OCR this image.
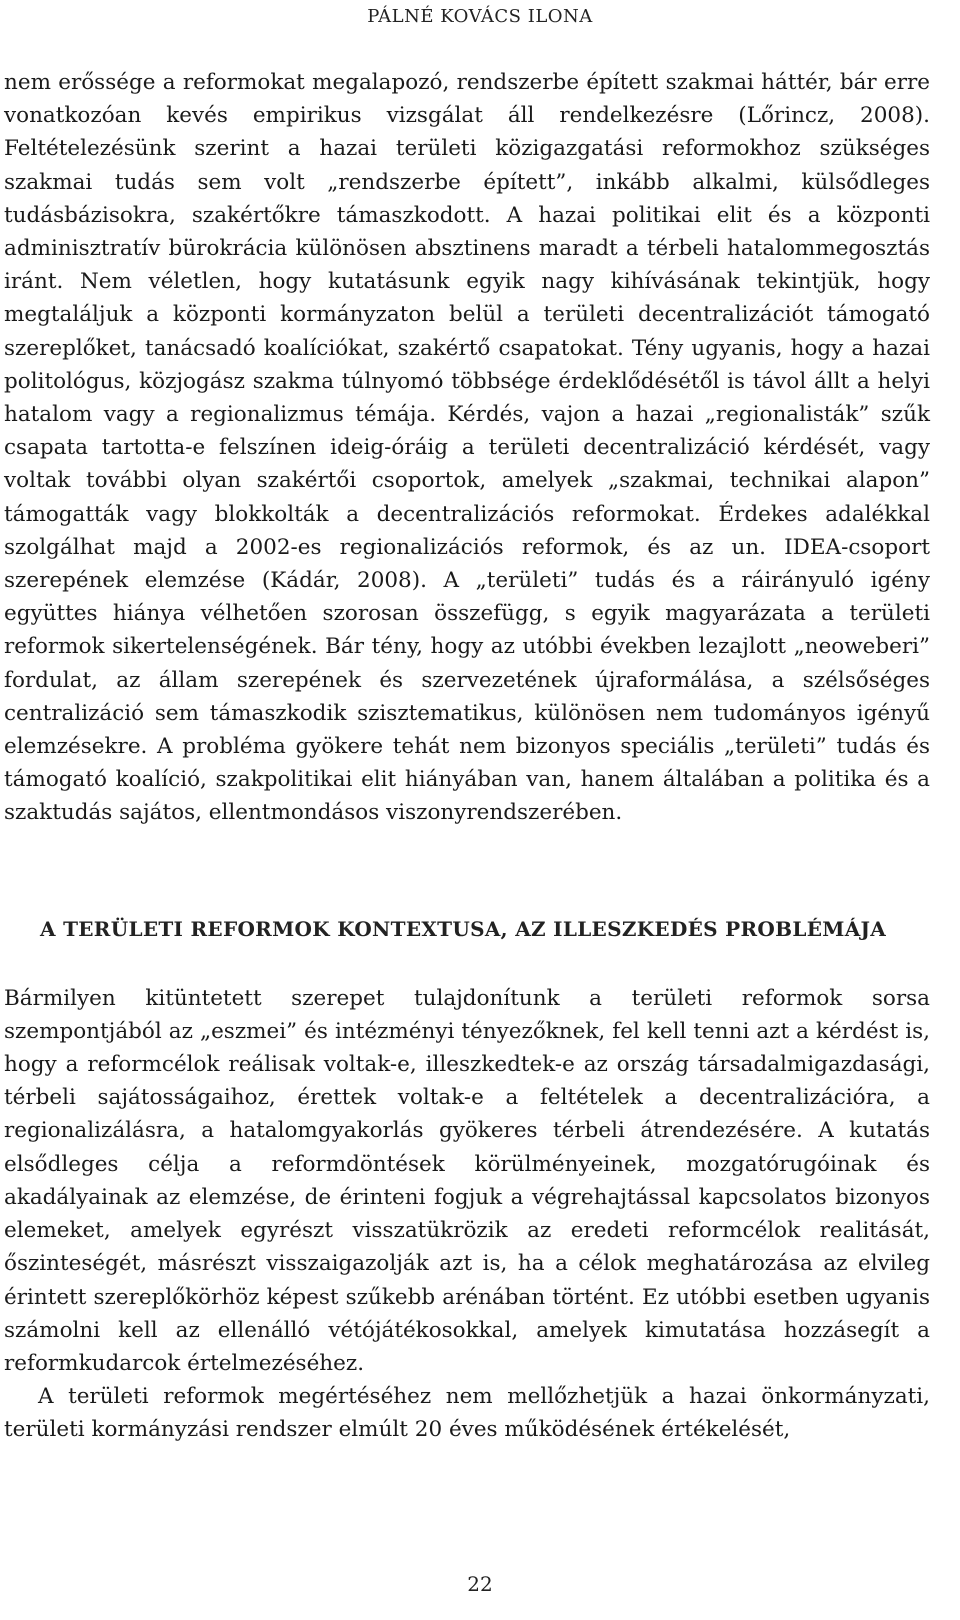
PÁLNÉ KOVÁCS ILONA

nem erőssége a reformokat megalapozó, rendszerbe épített szakmai háttér, bár erre vonatkozóan kevés empirikus vizsgálat áll rendelkezésre (Lőrincz, 2008). Feltételezésünk szerint a hazai területi közigazgatási reformokhoz szükséges szakmai tudás sem volt „rendszerbe épített”, inkább alkalmi, külsődleges tudásbázisokra, szakértőkre támaszkodott. A hazai politikai elit és a központi adminisztratív bürokrácia különösen absztinens maradt a térbeli hatalommegosztás iránt. Nem véletlen, hogy kutatásunk egyik nagy kihívásának tekintjük, hogy megtaláljuk a központi kormányzaton belül a területi decentralizációt támogató szereplőket, tanácsadó koalíciókat, szakértő csapatokat. Tény ugyanis, hogy a hazai politológus, közjogász szakma túlnyomó többsége érdeklődésétől is távol állt a helyi hatalom vagy a regionalizmus témája. Kérdés, vajon a hazai „regionalisták” szűk csapata tartotta-e felszínen ideig-óráig a területi decentralizáció kérdését, vagy voltak további olyan szakértői csoportok, amelyek „szakmai, technikai alapon” támogatták vagy blokkolták a decentralizációs reformokat. Érdekes adalékkal szolgálhat majd a 2002-es regionalizációs reformok, és az un. IDEA-csoport szerepének elemzése (Kádár, 2008). A „területi” tudás és a ráirányuló igény együttes hiánya vélhetően szorosan összefügg, s egyik magyarázata a területi reformok sikertelenségének. Bár tény, hogy az utóbbi években lezajlott „neoweberi” fordulat, az állam szerepének és szervezetének újraformálása, a szélsőséges centralizáció sem támaszkodik szisztematikus, különösen nem tudományos igényű elemzésekre. A probléma gyökere tehát nem bizonyos speciális „területi” tudás és támogató koalíció, szakpolitikai elit hiányában van, hanem általában a politika és a szaktudás sajátos, ellentmondásos viszonyrendszerében.

A TERÜLETI REFORMOK KONTEXTUSA, AZ ILLESZKEDÉS PROBLÉMÁJA

Bármilyen kitüntetett szerepet tulajdonítunk a területi reformok sorsa szempontjából az „eszmei” és intézményi tényezőknek, fel kell tenni azt a kérdést is, hogy a reformcélok reálisak voltak-e, illeszkedtek-e az ország társadalmigazdasági, térbeli sajátosságaihoz, érettek voltak-e a feltételek a decentralizációra, a regionalizálásra, a hatalomgyakorlás gyökeres térbeli átrendezésére. A kutatás elsődleges célja a reformdöntések körülményeinek, mozgatórugóinak és akadályainak az elemzése, de érinteni fogjuk a végrehajtással kapcsolatos bizonyos elemeket, amelyek egyrészt visszatükrözik az eredeti reformcélok realitását, őszinteségét, másrészt visszaigazolják azt is, ha a célok meghatározása az elvileg érintett szereplőkörhöz képest szűkebb arénában történt. Ez utóbbi esetben ugyanis számolni kell az ellenálló vétójátékosokkal, amelyek kimutatása hozzásegít a reformkudarcok értelmezéséhez.

A területi reformok megértéséhez nem mellőzhetjük a hazai önkormányzati, területi kormányzási rendszer elmúlt 20 éves működésének értékelését,

22
